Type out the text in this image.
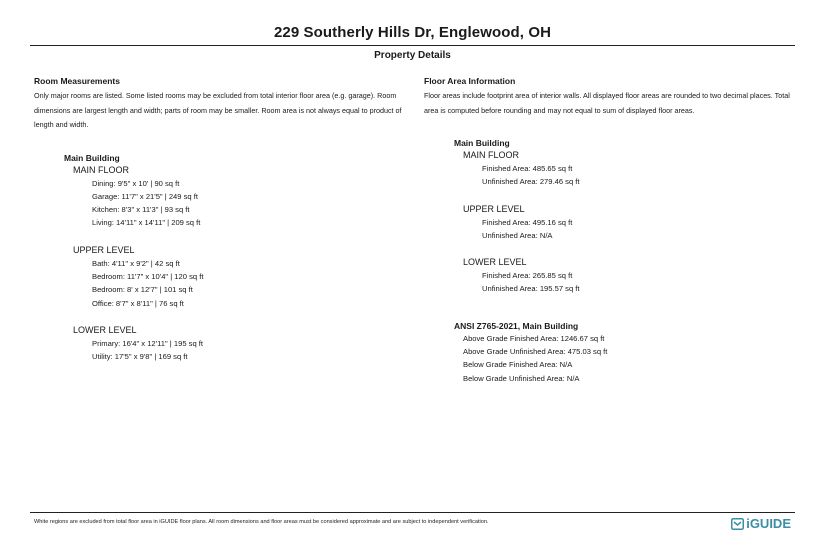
229 Southerly Hills Dr, Englewood, OH
Property Details
Room Measurements

Only major rooms are listed. Some listed rooms may be excluded from total interior floor area (e.g. garage). Room dimensions are largest length and width; parts of room may be smaller. Room area is not always equal to product of length and width.

Main Building
MAIN FLOOR
Dining: 9'5" x 10' | 90 sq ft
Garage: 11'7" x 21'5" | 249 sq ft
Kitchen: 8'3" x 11'3" | 93 sq ft
Living: 14'11" x 14'11" | 209 sq ft
UPPER LEVEL
Bath: 4'11" x 9'2" | 42 sq ft
Bedroom: 11'7" x 10'4" | 120 sq ft
Bedroom: 8' x 12'7" | 101 sq ft
Office: 8'7" x 8'11" | 76 sq ft
LOWER LEVEL
Primary: 16'4" x 12'11" | 195 sq ft
Utility: 17'5" x 9'8" | 169 sq ft
Floor Area Information

Floor areas include footprint area of interior walls. All displayed floor areas are rounded to two decimal places. Total area is computed before rounding and may not equal to sum of displayed floor areas.

Main Building
MAIN FLOOR
Finished Area: 485.65 sq ft
Unfinished Area: 279.46 sq ft
UPPER LEVEL
Finished Area: 495.16 sq ft
Unfinished Area: N/A
LOWER LEVEL
Finished Area: 265.85 sq ft
Unfinished Area: 195.57 sq ft
ANSI Z765-2021, Main Building
Above Grade Finished Area: 1246.67 sq ft
Above Grade Unfinished Area: 475.03 sq ft
Below Grade Finished Area: N/A
Below Grade Unfinished Area: N/A
White regions are excluded from total floor area in iGUIDE floor plans. All room dimensions and floor areas must be considered approximate and are subject to independent verification.	iGUIDE
